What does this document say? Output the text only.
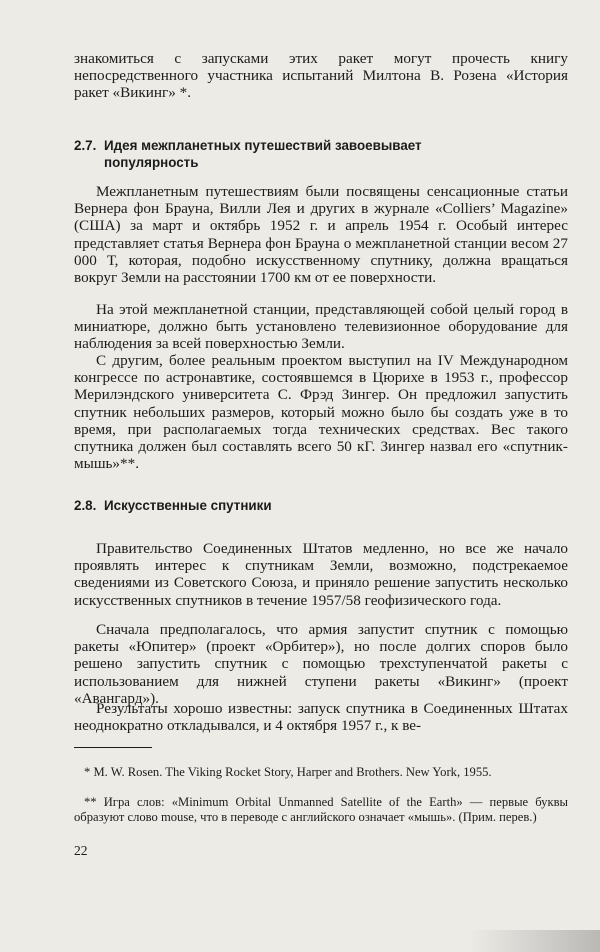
знакомиться с запусками этих ракет могут прочесть книгу непосредственного участника испытаний Милтона В. Розена «История ракет «Викинг» *.

2.7. Идея межпланетных путешествий завоевывает
популярность

Межпланетным путешествиям были посвящены сенсационные статьи Вернера фон Брауна, Вилли Лея и других в журнале «Colliers’ Magazine» (США) за март и октябрь 1952 г. и апрель 1954 г. Особый интерес представляет статья Вернера фон Брауна о межпланетной станции весом 27 000 Т, которая, подобно искусственному спутнику, должна вращаться вокруг Земли на расстоянии 1700 км от ее поверхности.

На этой межпланетной станции, представляющей собой целый город в миниатюре, должно быть установлено телевизионное оборудование для наблюдения за всей поверхностью Земли.

С другим, более реальным проектом выступил на IV Международном конгрессе по астронавтике, состоявшемся в Цюрихе в 1953 г., профессор Мерилэндского университета С. Фрэд Зингер. Он предложил запустить спутник небольших размеров, который можно было бы создать уже в то время, при располагаемых тогда технических средствах. Вес такого спутника должен был составлять всего 50 кГ. Зингер назвал его «спутник-мышь»**.

2.8. Искусственные спутники

Правительство Соединенных Штатов медленно, но все же начало проявлять интерес к спутникам Земли, возможно, подстрекаемое сведениями из Советского Союза, и приняло решение запустить несколько искусственных спутников в течение 1957/58 геофизического года.

Сначала предполагалось, что армия запустит спутник с помощью ракеты «Юпитер» (проект «Орбитер»), но после долгих споров было решено запустить спутник с помощью трехступенчатой ракеты с использованием для нижней ступени ракеты «Викинг» (проект «Авангард»).

Результаты хорошо известны: запуск спутника в Соединенных Штатах неоднократно откладывался, и 4 октября 1957 г., к ве-

* M. W. Rosen. The Viking Rocket Story, Harper and Brothers. New York, 1955.

** Игра слов: «Minimum Orbital Unmanned Satellite of the Earth» — первые буквы образуют слово mouse, что в переводе с английского означает «мышь». (Прим. перев.)

22
